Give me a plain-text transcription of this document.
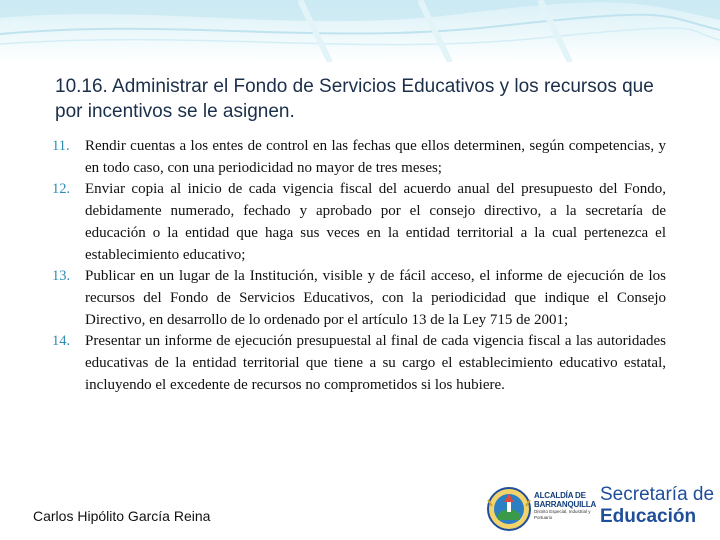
10.16. Administrar el Fondo de Servicios Educativos y los recursos que por incentivos se le asignen.
11.	Rendir cuentas a los entes de control en las fechas que ellos determinen, según competencias, y en todo caso, con una periodicidad no mayor de tres meses;
12. Enviar copia al inicio de cada vigencia fiscal del acuerdo anual del presupuesto del Fondo, debidamente numerado, fechado y aprobado por el consejo directivo, a la secretaría de educación o la entidad que haga sus veces en la entidad territorial a la cual pertenezca el establecimiento educativo;
13. Publicar en un lugar de la Institución, visible y de fácil acceso, el informe de ejecución de los recursos del Fondo de Servicios Educativos, con la periodicidad que indique el Consejo Directivo, en desarrollo de lo ordenado por el artículo 13 de la Ley 715 de 2001;
14. Presentar un informe de ejecución presupuestal al final de cada vigencia fiscal a las autoridades educativas de la entidad territorial que tiene a su cargo el establecimiento educativo estatal, incluyendo el excedente de recursos no comprometidos si los hubiere.
Carlos Hipólito García Reina
ALCALDÍA DE
BARRANQUILLA
Distrito Especial, Industrial y Portuario
Secretaría de
Educación
